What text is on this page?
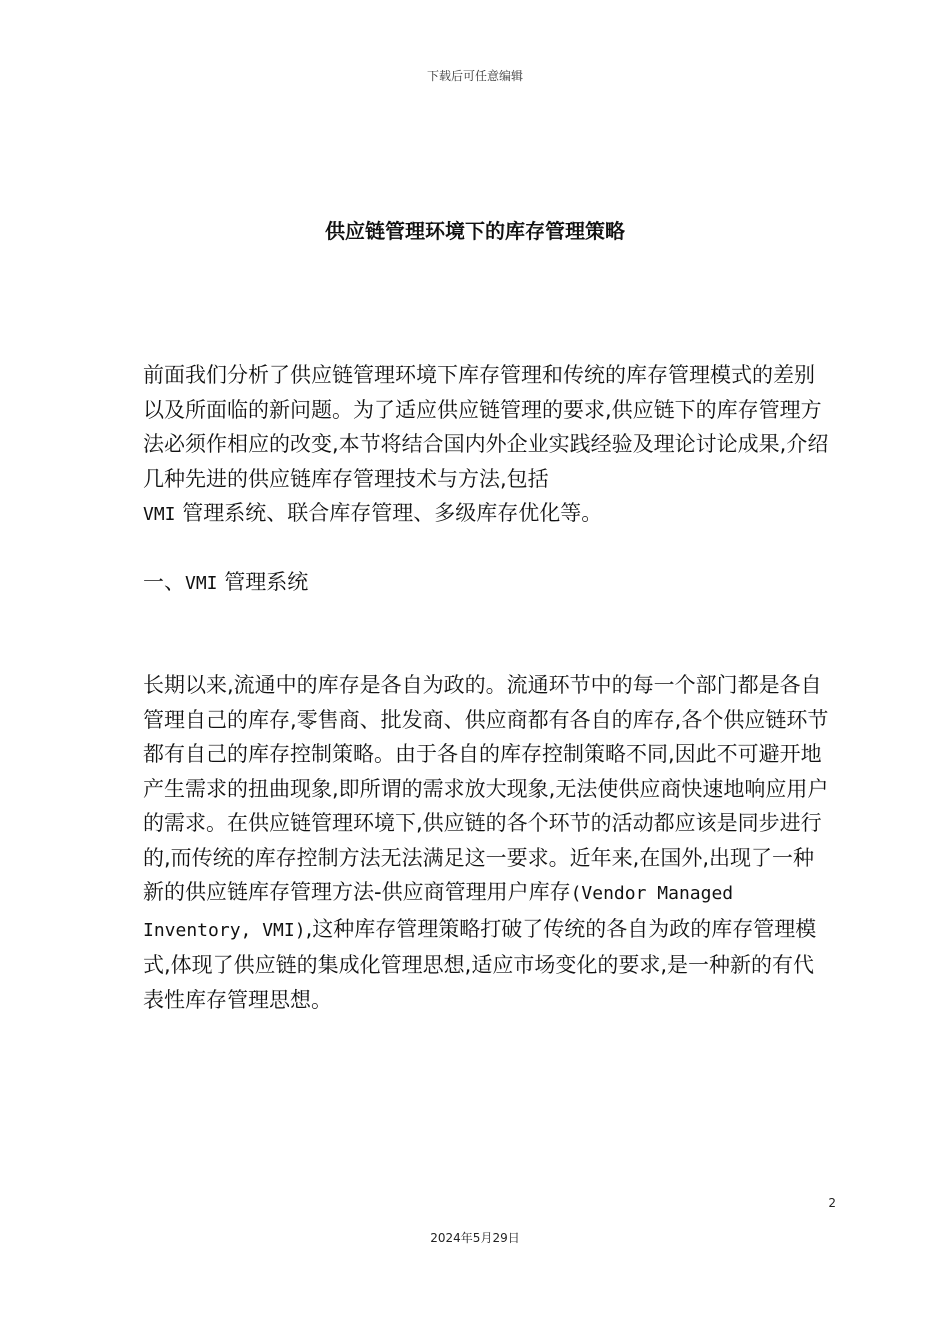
下载后可任意编辑
供应链管理环境下的库存管理策略

前面我们分析了供应链管理环境下库存管理和传统的库存管理模式的差别以及所面临的新问题。为了适应供应链管理的要求,供应链下的库存管理方法必须作相应的改变,本节将结合国内外企业实践经验及理论讨论成果,介绍几种先进的供应链库存管理技术与方法,包括
VMI 管理系统、联合库存管理、多级库存优化等。

一、VMI 管理系统

长期以来,流通中的库存是各自为政的。流通环节中的每一个部门都是各自管理自己的库存,零售商、批发商、供应商都有各自的库存,各个供应链环节都有自己的库存控制策略。由于各自的库存控制策略不同,因此不可避开地产生需求的扭曲现象,即所谓的需求放大现象,无法使供应商快速地响应用户的需求。在供应链管理环境下,供应链的各个环节的活动都应该是同步进行的,而传统的库存控制方法无法满足这一要求。近年来,在国外,出现了一种新的供应链库存管理方法-供应商管理用户库存(Vendor Managed Inventory, VMI),这种库存管理策略打破了传统的各自为政的库存管理模式,体现了供应链的集成化管理思想,适应市场变化的要求,是一种新的有代表性库存管理思想。

2
2024年5月29日
